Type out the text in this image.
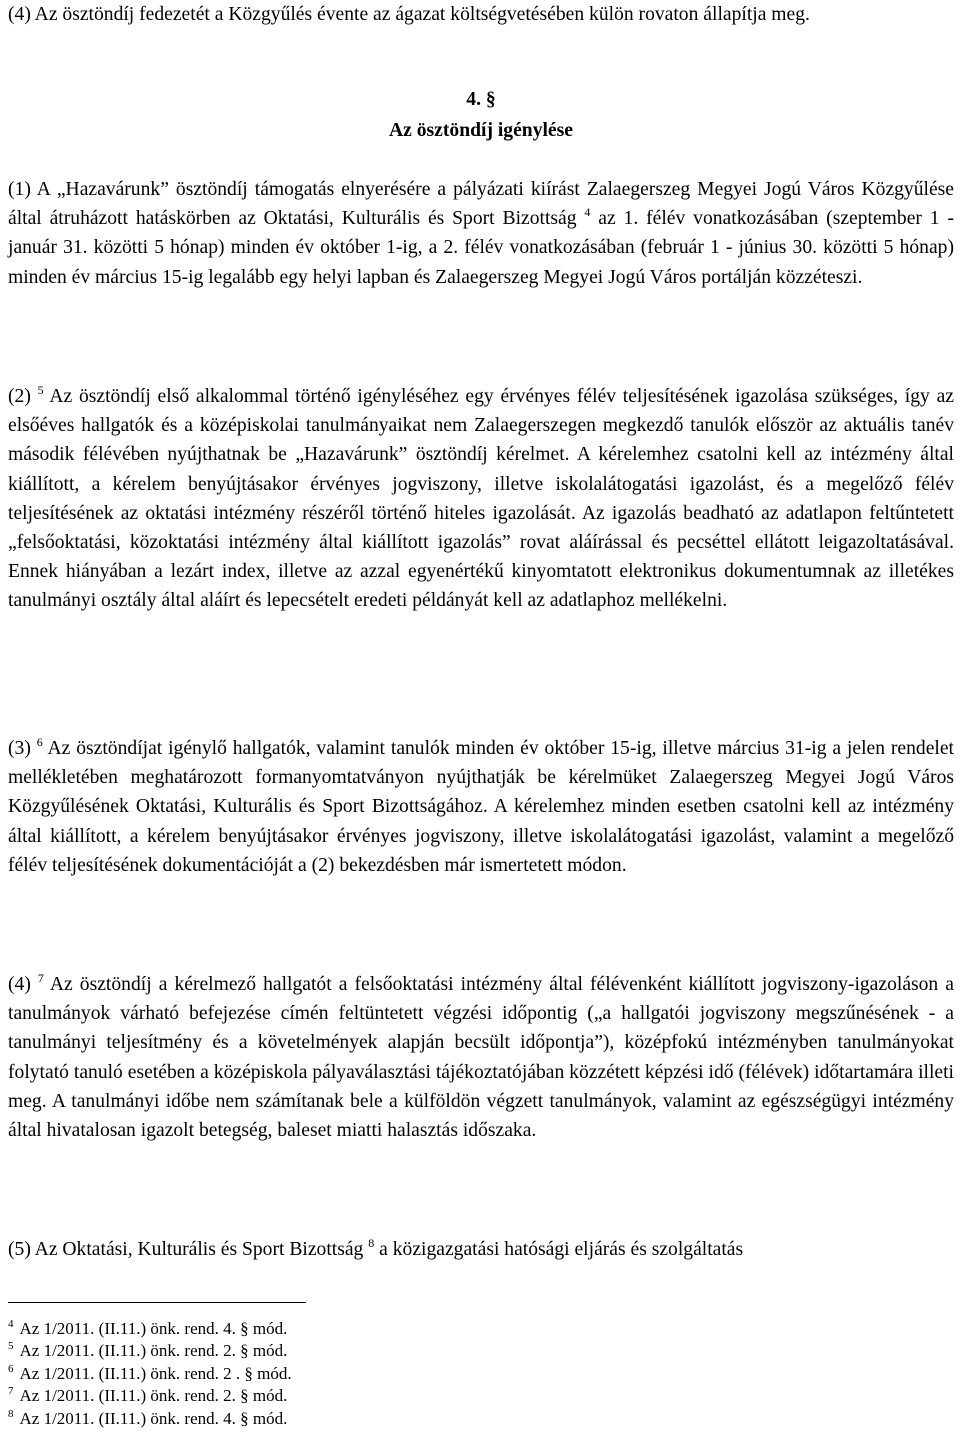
(4) Az ösztöndíj fedezetét a Közgyűlés évente az ágazat költségvetésében külön rovaton állapítja meg.

4. §
Az ösztöndíj igénylése

(1) A „Hazavárunk” ösztöndíj támogatás elnyerésére a pályázati kiírást Zalaegerszeg Megyei Jogú Város Közgyűlése által átruházott hatáskörben az Oktatási, Kulturális és Sport Bizottság $^4$ az 1. félév vonatkozásában (szeptember 1 - január 31. közötti 5 hónap) minden év október 1-ig, a 2. félév vonatkozásában (február 1 - június 30. közötti 5 hónap) minden év március 15-ig legalább egy helyi lapban és Zalaegerszeg Megyei Jogú Város portálján közzéteszi.

(2) $^5$ Az ösztöndíj első alkalommal történő igényléséhez egy érvényes félév teljesítésének igazolása szükséges, így az elsőéves hallgatók és a középiskolai tanulmányaikat nem Zalaegerszegen megkezdő tanulók először az aktuális tanév második félévében nyújthatnak be „Hazavárunk” ösztöndíj kérelmet. A kérelemhez csatolni kell az intézmény által kiállított, a kérelem benyújtásakor érvényes jogviszony, illetve iskolalátogatási igazolást, és a megelőző félév teljesítésének az oktatási intézmény részéről történő hiteles igazolását. Az igazolás beadható az adatlapon feltűntetett „felsőoktatási, közoktatási intézmény által kiállított igazolás” rovat aláírással és pecséttel ellátott leigazoltatásával. Ennek hiányában a lezárt index, illetve az azzal egyenértékű kinyomtatott elektronikus dokumentumnak az illetékes tanulmányi osztály által aláírt és lepecsételt eredeti példányát kell az adatlaphoz mellékelni.

(3) $^6$ Az ösztöndíjat igénylő hallgatók, valamint tanulók minden év október 15-ig, illetve március 31-ig a jelen rendelet mellékletében meghatározott formanyomtatványon nyújthatják be kérelmüket Zalaegerszeg Megyei Jogú Város Közgyűlésének Oktatási, Kulturális és Sport Bizottságához. A kérelemhez minden esetben csatolni kell az intézmény által kiállított, a kérelem benyújtásakor érvényes jogviszony, illetve iskolalátogatási igazolást, valamint a megelőző félév teljesítésének dokumentációját a (2) bekezdésben már ismertetett módon.

(4) $^7$ Az ösztöndíj a kérelmező hallgatót a felsőoktatási intézmény által félévenként kiállított jogviszony-igazoláson a tanulmányok várható befejezése címén feltüntetett végzési időpontig („a hallgatói jogviszony megszűnésének - a tanulmányi teljesítmény és a követelmények alapján becsült időpontja”), középfokú intézményben tanulmányokat folytató tanuló esetében a középiskola pályaválasztási tájékoztatójában közzétett képzési idő (félévek) időtartamára illeti meg. A tanulmányi időbe nem számítanak bele a külföldön végzett tanulmányok, valamint az egészségügyi intézmény által hivatalosan igazolt betegség, baleset miatti halasztás időszaka.

(5) Az Oktatási, Kulturális és Sport Bizottság $^8$ a közigazgatási hatósági eljárás és szolgáltatás

$^4$ Az 1/2011. (II.11.) önk. rend. 4. § mód.
$^5$ Az 1/2011. (II.11.) önk. rend. 2. § mód.
$^6$ Az 1/2011. (II.11.) önk. rend. 2 . § mód.
$^7$ Az 1/2011. (II.11.) önk. rend. 2. § mód.
$^8$ Az 1/2011. (II.11.) önk. rend. 4. § mód.
